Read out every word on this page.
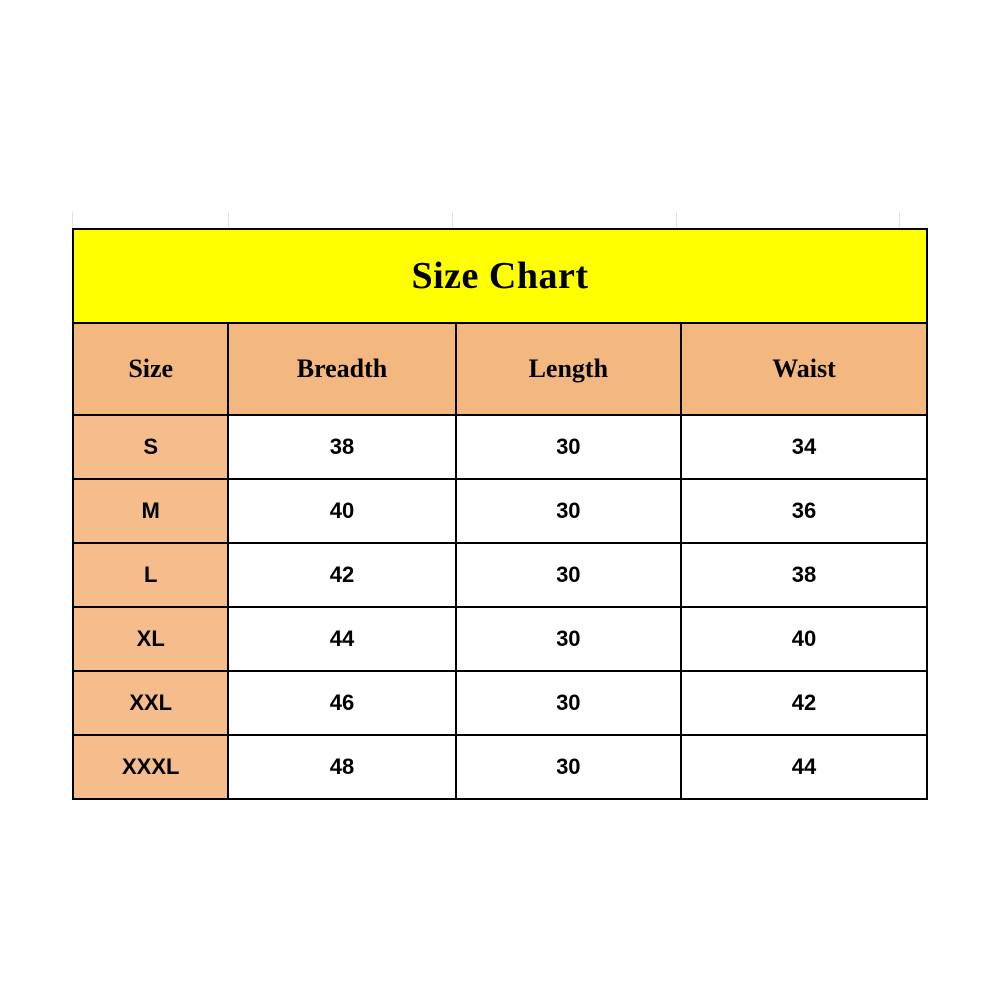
Size Chart			
Size	Breadth	Length	Waist
S	38	30	34
M	40	30	36
L	42	30	38
XL	44	30	40
XXL	46	30	42
XXXL	48	30	44
